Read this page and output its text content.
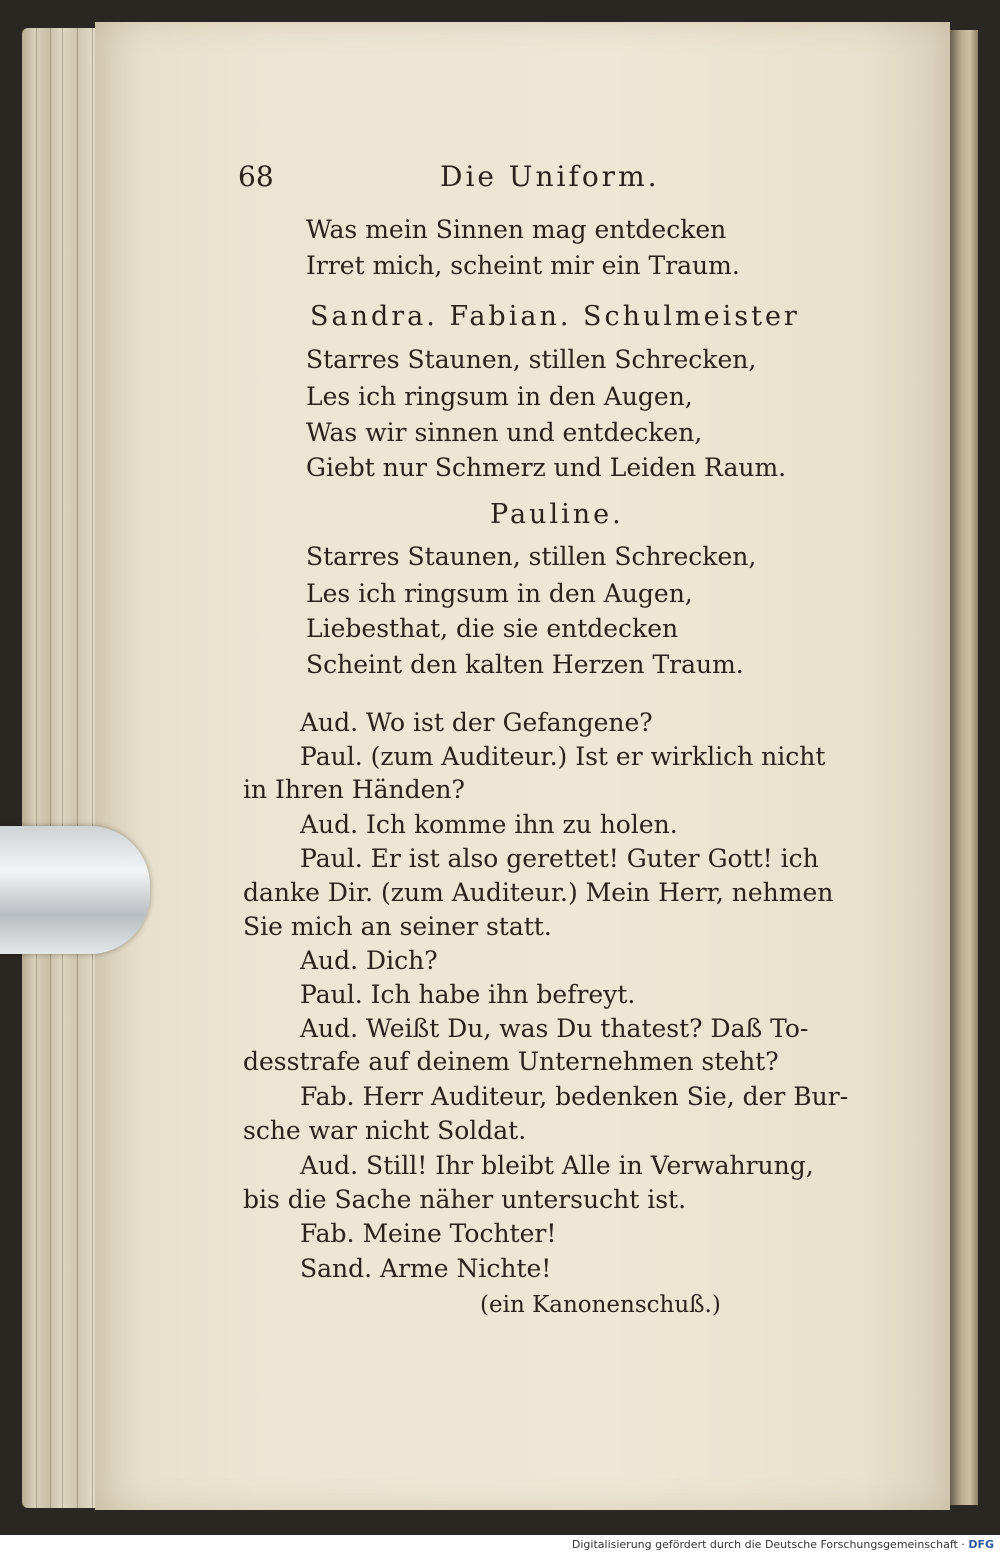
68	Die Uniform.
Was mein Sinnen mag entdecken
Irret mich, scheint mir ein Traum.
Sandra. Fabian. Schulmeister
Starres Staunen, stillen Schrecken,
Les ich ringsum in den Augen,
Was wir sinnen und entdecken,
Giebt nur Schmerz und Leiden Raum.
Pauline.
Starres Staunen, stillen Schrecken,
Les ich ringsum in den Augen,
Liebesthat, die sie entdecken
Scheint den kalten Herzen Traum.
Aud. Wo ist der Gefangene?
Paul. (zum Auditeur.) Ist er wirklich nicht
in Ihren Händen?
Aud. Ich komme ihn zu holen.
Paul. Er ist also gerettet! Guter Gott! ich
danke Dir. (zum Auditeur.) Mein Herr, nehmen
Sie mich an seiner statt.
Aud. Dich?
Paul. Ich habe ihn befreyt.
Aud. Weißt Du, was Du thatest? Daß To-
desstrafe auf deinem Unternehmen steht?
Fab. Herr Auditeur, bedenken Sie, der Bur-
sche war nicht Soldat.
Aud. Still! Ihr bleibt Alle in Verwahrung,
bis die Sache näher untersucht ist.
Fab. Meine Tochter!
Sand. Arme Nichte!
(ein Kanonenschuß.)
Digitalisierung gefördert durch die Deutsche Forschungsgemeinschaft · DFG
